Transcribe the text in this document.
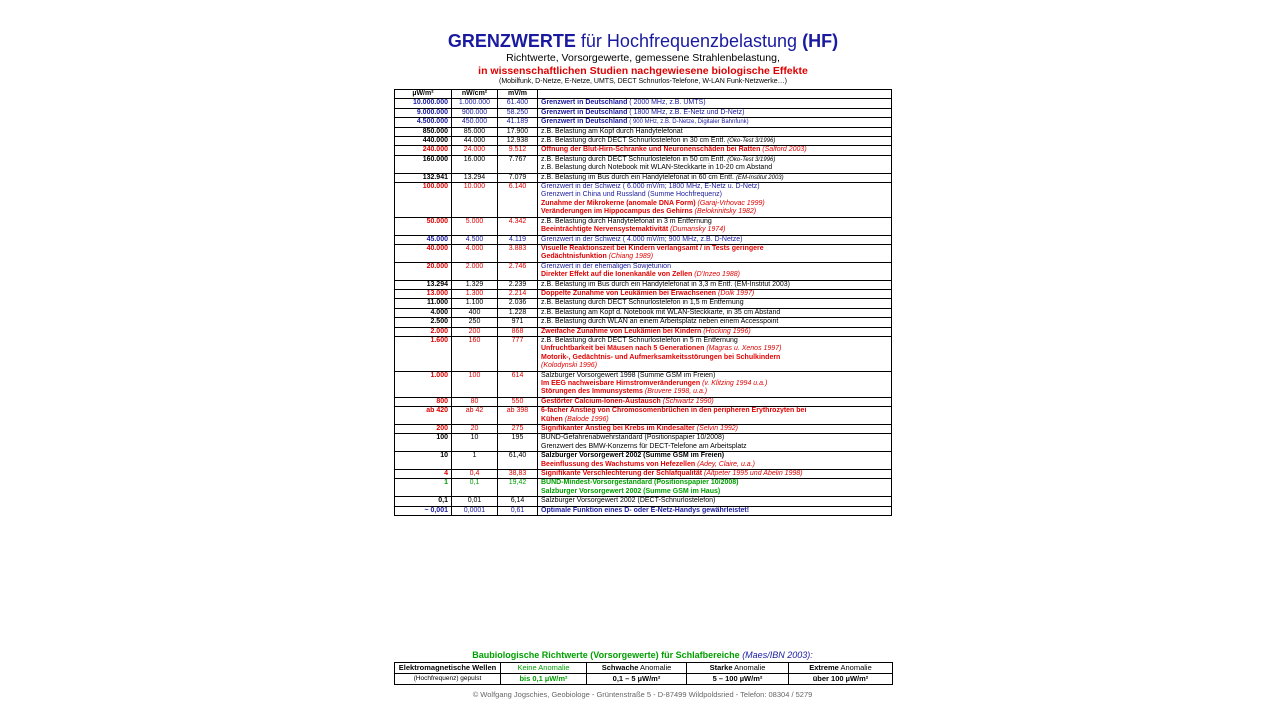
GRENZWERTE für Hochfrequenzbelastung (HF)
Richtwerte, Vorsorgewerte, gemessene Strahlenbelastung,
in wissenschaftlichen Studien nachgewiesene biologische Effekte
(Mobilfunk, D-Netze, E-Netze, UMTS, DECT Schnurlos-Telefone, W-LAN Funk-Netzwerke…)
µW/m²	nW/cm²	mV/m	
10.000.000	1.000.000	61.400	Grenzwert in Deutschland ( 2000 MHz, z.B. UMTS)
9.000.000	900.000	58.250	Grenzwert in Deutschland ( 1800 MHz, z.B. E-Netz und D-Netz)
4.500.000	450.000	41.189	Grenzwert in Deutschland ( 900 MHz, z.B. D-Netze, Digitaler Bahnfunk)
850.000	85.000	17.900	z.B. Belastung am Kopf durch Handytelefonat
440.000	44.000	12.938	z.B. Belastung durch DECT Schnurlostelefon in 30 cm Entf. (Öko-Test 3/1996)
240.000	24.000	9.512	Öffnung der Blut-Hirn-Schranke und Neuronenschäden bei Ratten (Salford 2003)
160.000	16.000	7.767	z.B. Belastung durch DECT Schnurlostelefon in 50 cm Entf. (Öko-Test 3/1996)
z.B. Belastung durch Notebook mit WLAN-Steckkarte in 10-20 cm Abstand
132.941	13.294	7.079	z.B. Belastung im Bus durch ein Handytelefonat in 60 cm Entf. (EM-Institut 2003)
100.000	10.000	6.140	Grenzwert in der Schweiz ( 6.000 mV/m; 1800 MHz, E-Netz u. D-Netz)
Grenzwert in China und Russland (Summe Hochfrequenz)
Zunahme der Mikrokerne (anomale DNA Form) (Garaj-Vrhovac 1999)
Veränderungen im Hippocampus des Gehirns (Belokrinitsky 1982)
50.000	5.000	4.342	z.B. Belastung durch Handytelefonat in 3 m Entfernung
Beeinträchtigte Nervensystemaktivität (Dumansky 1974)
45.000	4.500	4.119	Grenzwert in der Schweiz ( 4.000 mV/m; 900 MHz, z.B. D-Netze)
40.000	4.000	3.883	Visuelle Reaktionszeit bei Kindern verlangsamt / in Tests geringere
Gedächtnisfunktion (Chiang 1989)
20.000	2.000	2.746	Grenzwert in der ehemaligen Sowjetunion
Direkter Effekt auf die Ionenkanäle von Zellen (D'Inzeo 1988)
13.294	1.329	2.239	z.B. Belastung im Bus durch ein Handytelefonat in 3,3 m Entf. (EM-Institut 2003)
13.000	1.300	2.214	Doppelte Zunahme von Leukämien bei Erwachsenen (Dolk 1997)
11.000	1.100	2.036	z.B. Belastung durch DECT Schnurlostelefon in 1,5 m Entfernung
4.000	400	1.228	z.B. Belastung am Kopf d. Notebook mit WLAN-Steckkarte, in 35 cm Abstand
2.500	250	971	z.B. Belastung durch WLAN an einem Arbeitsplatz neben einem Accesspoint
2.000	200	868	Zweifache Zunahme von Leukämien bei Kindern (Hocking 1996)
1.600	160	777	z.B. Belastung durch DECT Schnurlostelefon in 5 m Entfernung
Unfruchtbarkeit bei Mäusen nach 5 Generationen (Magras u. Xenos 1997)
Motorik-, Gedächtnis- und Aufmerksamkeitsstörungen bei Schulkindern
(Kolodynski 1996)
1.000	100	614	Salzburger Vorsorgewert 1998 (Summe GSM im Freien)
Im EEG nachweisbare Hirnstromveränderungen (v. Klitzing 1994 u.a.)
Störungen des Immunsystems (Bruvere 1998, u.a.)
800	80	550	Gestörter Calcium-Ionen-Austausch (Schwartz 1990)
ab 420	ab 42	ab 398	6-facher Anstieg von Chromosomenbrüchen in den peripheren Erythrozyten bei
Kühen (Balode 1996)
200	20	275	Signifikanter Anstieg bei Krebs im Kindesalter (Selvin 1992)
100	10	195	BUND-Gefahrenabwehrstandard (Positionspapier 10/2008)
Grenzwert des BMW-Konzerns für DECT-Telefone am Arbeitsplatz
10	1	61,40	Salzburger Vorsorgewert 2002 (Summe GSM im Freien)
Beeinflussung des Wachstums von Hefezellen (Adey, Claire, u.a.)
4	0,4	38,83	Signifikante Verschlechterung der Schlafqualität (Altpeter 1995 und Abelin 1998)
1	0,1	19,42	BUND-Mindest-Vorsorgestandard (Positionspapier 10/2008)
Salzburger Vorsorgewert 2002 (Summe GSM im Haus)
0,1	0,01	6,14	Salzburger Vorsorgewert 2002 (DECT-Schnurlostelefon)
~ 0,001	0,0001	0,61	Optimale Funktion eines D- oder E-Netz-Handys gewährleistet!
Baubiologische Richtwerte (Vorsorgewerte) für Schlafbereiche (Maes/IBN 2003):
Elektromagnetische Wellen	Keine Anomalie	Schwache Anomalie	Starke Anomalie	Extreme Anomalie
(Hochfrequenz) gepulst	bis 0,1 µW/m²	0,1 – 5 µW/m²	5 – 100 µW/m²	über 100 µW/m²
© Wolfgang Jogschies, Geobiologe - Grüntenstraße 5 - D-87499 Wildpoldsried - Telefon: 08304 / 5279
